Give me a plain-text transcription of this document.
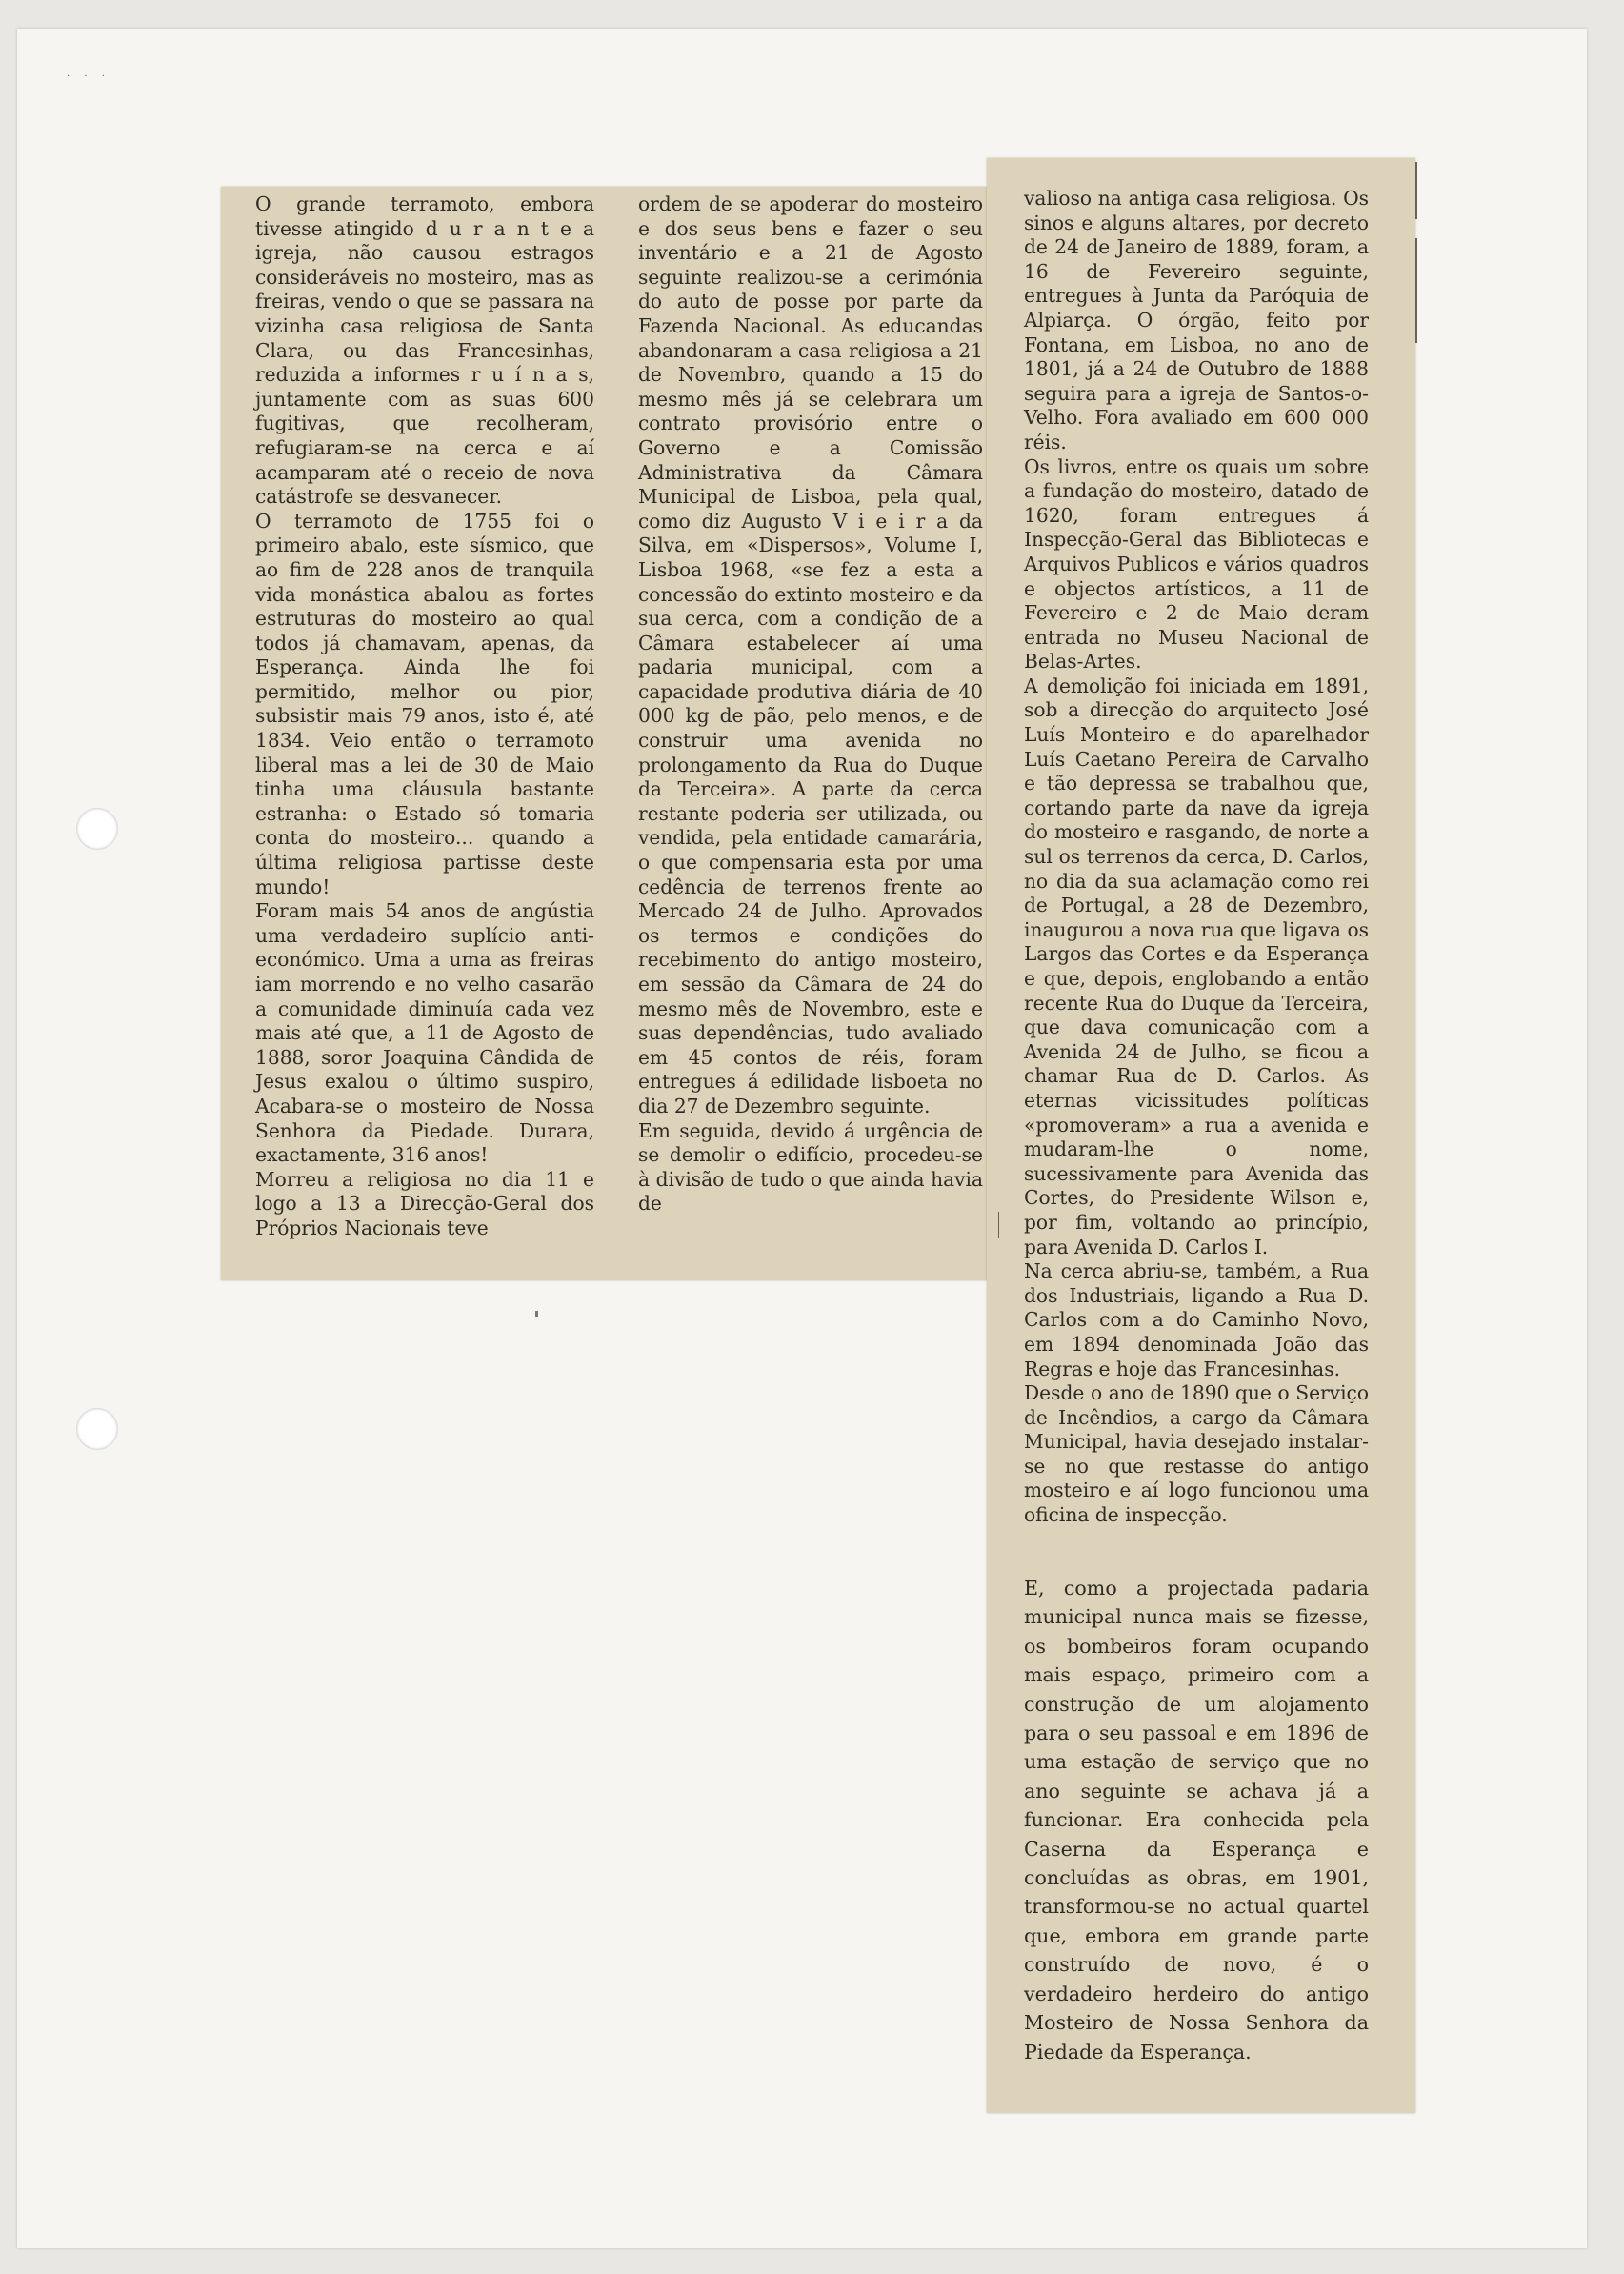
· · ·
O grande terramoto, embora tivesse atingido d u r a n t e a igreja, não causou estragos consideráveis no mosteiro, mas as freiras, vendo o que se passara na vizinha casa religiosa de Santa Clara, ou das Francesinhas, reduzida a informes r u í n a s, juntamente com as suas 600 fugitivas, que recolheram, refugiaram-se na cerca e aí acamparam até o receio de nova catástrofe se desvanecer.
O terramoto de 1755 foi o primeiro abalo, este sísmico, que ao fim de 228 anos de tranquila vida monástica abalou as fortes estruturas do mosteiro ao qual todos já chamavam, apenas, da Esperança. Ainda lhe foi permitido, melhor ou pior, subsistir mais 79 anos, isto é, até 1834. Veio então o terramoto liberal mas a lei de 30 de Maio tinha uma cláusula bastante estranha: o Estado só tomaria conta do mosteiro... quando a última religiosa partisse deste mundo!
Foram mais 54 anos de angústia uma verdadeiro suplício anti-económico. Uma a uma as freiras iam morrendo e no velho casarão a comunidade diminuía cada vez mais até que, a 11 de Agosto de 1888, soror Joaquina Cândida de Jesus exalou o último suspiro, Acabara-se o mosteiro de Nossa Senhora da Piedade. Durara, exactamente, 316 anos!
Morreu a religiosa no dia 11 e logo a 13 a Direcção-Geral dos Próprios Nacionais teve
ordem de se apoderar do mosteiro e dos seus bens e fazer o seu inventário e a 21 de Agosto seguinte realizou-se a cerimónia do auto de posse por parte da Fazenda Nacional. As educandas abandonaram a casa religiosa a 21 de Novembro, quando a 15 do mesmo mês já se celebrara um contrato provisório entre o Governo e a Comissão Administrativa da Câmara Municipal de Lisboa, pela qual, como diz Augusto V i e i r a da Silva, em «Dispersos», Volume I, Lisboa 1968, «se fez a esta a concessão do extinto mosteiro e da sua cerca, com a condição de a Câmara estabelecer aí uma padaria municipal, com a capacidade produtiva diária de 40 000 kg de pão, pelo menos, e de construir uma avenida no prolongamento da Rua do Duque da Terceira». A parte da cerca restante poderia ser utilizada, ou vendida, pela entidade camarária, o que compensaria esta por uma cedência de terrenos frente ao Mercado 24 de Julho. Aprovados os termos e condições do recebimento do antigo mosteiro, em sessão da Câmara de 24 do mesmo mês de Novembro, este e suas dependências, tudo avaliado em 45 contos de réis, foram entregues á edilidade lisboeta no dia 27 de Dezembro seguinte.
Em seguida, devido á urgência de se demolir o edifício, procedeu-se à divisão de tudo o que ainda havia de
valioso na antiga casa religiosa. Os sinos e alguns altares, por decreto de 24 de Janeiro de 1889, foram, a 16 de Fevereiro seguinte, entregues à Junta da Paróquia de Alpiarça. O órgão, feito por Fontana, em Lisboa, no ano de 1801, já a 24 de Outubro de 1888 seguira para a igreja de Santos-o-Velho. Fora avaliado em 600 000 réis.
Os livros, entre os quais um sobre a fundação do mosteiro, datado de 1620, foram entregues á Inspecção-Geral das Bibliotecas e Arquivos Publicos e vários quadros e objectos artísticos, a 11 de Fevereiro e 2 de Maio deram entrada no Museu Nacional de Belas-Artes.
A demolição foi iniciada em 1891, sob a direcção do arquitecto José Luís Monteiro e do aparelhador Luís Caetano Pereira de Carvalho e tão depressa se trabalhou que, cortando parte da nave da igreja do mosteiro e rasgando, de norte a sul os terrenos da cerca, D. Carlos, no dia da sua aclamação como rei de Portugal, a 28 de Dezembro, inaugurou a nova rua que ligava os Largos das Cortes e da Esperança e que, depois, englobando a então recente Rua do Duque da Terceira, que dava comunicação com a Avenida 24 de Julho, se ficou a chamar Rua de D. Carlos. As eternas vicissitudes políticas «promoveram» a rua a avenida e mudaram-lhe o nome, sucessivamente para Avenida das Cortes, do Presidente Wilson e, por fim, voltando ao princípio, para Avenida D. Carlos I.
Na cerca abriu-se, também, a Rua dos Industriais, ligando a Rua D. Carlos com a do Caminho Novo, em 1894 denominada João das Regras e hoje das Francesinhas.
Desde o ano de 1890 que o Serviço de Incêndios, a cargo da Câmara Municipal, havia desejado instalar-se no que restasse do antigo mosteiro e aí logo funcionou uma oficina de inspecção.
E, como a projectada padaria municipal nunca mais se fizesse, os bombeiros foram ocupando mais espaço, primeiro com a construção de um alojamento para o seu passoal e em 1896 de uma estação de serviço que no ano seguinte se achava já a funcionar. Era conhecida pela Caserna da Esperança e concluídas as obras, em 1901, transformou-se no actual quartel que, embora em grande parte construído de novo, é o verdadeiro herdeiro do antigo Mosteiro de Nossa Senhora da Piedade da Esperança.
